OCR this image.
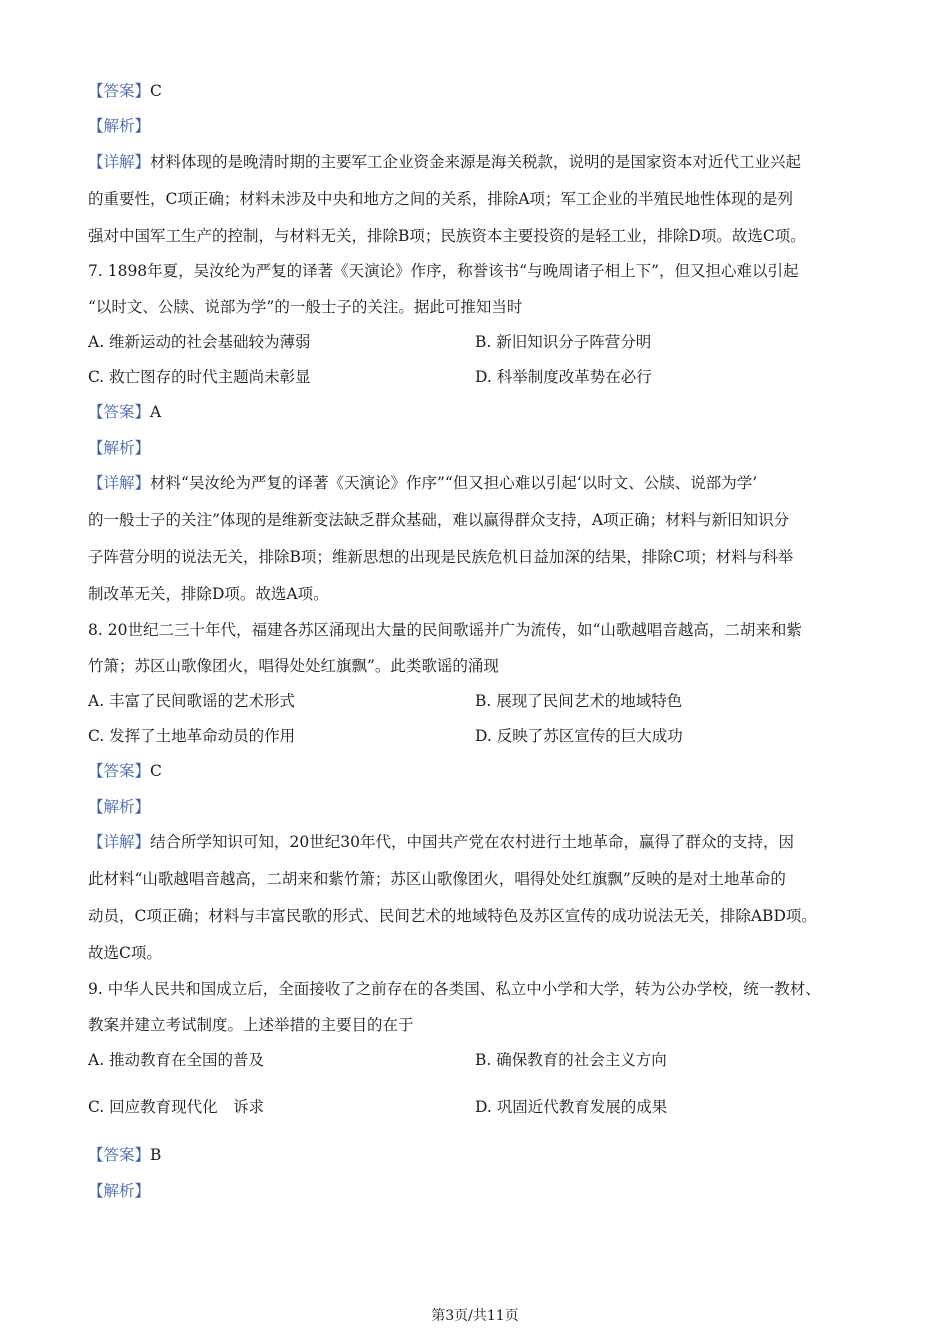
【答案】C
【解析】
【详解】材料体现的是晚清时期的主要军工企业资金来源是海关税款，说明的是国家资本对近代工业兴起
的重要性，C项正确；材料未涉及中央和地方之间的关系，排除A项；军工企业的半殖民地性体现的是列
强对中国军工生产的控制，与材料无关，排除B项；民族资本主要投资的是轻工业，排除D项。故选C项。
7. 1898年夏，吴汝纶为严复的译著《天演论》作序，称誉该书“与晚周诸子相上下”，但又担心难以引起
“以时文、公牍、说部为学”的一般士子的关注。据此可推知当时
A. 维新运动的社会基础较为薄弱	B. 新旧知识分子阵营分明
C. 救亡图存的时代主题尚未彰显	D. 科举制度改革势在必行
【答案】A
【解析】
【详解】材料“吴汝纶为严复的译著《天演论》作序”“但又担心难以引起‘以时文、公牍、说部为学’
的一般士子的关注”体现的是维新变法缺乏群众基础，难以赢得群众支持，A项正确；材料与新旧知识分
子阵营分明的说法无关，排除B项；维新思想的出现是民族危机日益加深的结果，排除C项；材料与科举
制改革无关，排除D项。故选A项。
8. 20世纪二三十年代，福建各苏区涌现出大量的民间歌谣并广为流传，如“山歌越唱音越高，二胡来和紫
竹箫；苏区山歌像团火，唱得处处红旗飘”。此类歌谣的涌现
A. 丰富了民间歌谣的艺术形式	B. 展现了民间艺术的地域特色
C. 发挥了土地革命动员的作用	D. 反映了苏区宣传的巨大成功
【答案】C
【解析】
【详解】结合所学知识可知，20世纪30年代，中国共产党在农村进行土地革命，赢得了群众的支持，因
此材料“山歌越唱音越高，二胡来和紫竹箫；苏区山歌像团火，唱得处处红旗飘”反映的是对土地革命的
动员，C项正确；材料与丰富民歌的形式、民间艺术的地域特色及苏区宣传的成功说法无关，排除ABD项。
故选C项。
9. 中华人民共和国成立后，全面接收了之前存在的各类国、私立中小学和大学，转为公办学校，统一教材、
教案并建立考试制度。上述举措的主要目的在于
A. 推动教育在全国的普及	B. 确保教育的社会主义方向
C. 回应教育现代化　诉求	D. 巩固近代教育发展的成果
【答案】B
【解析】
第3页/共11页
